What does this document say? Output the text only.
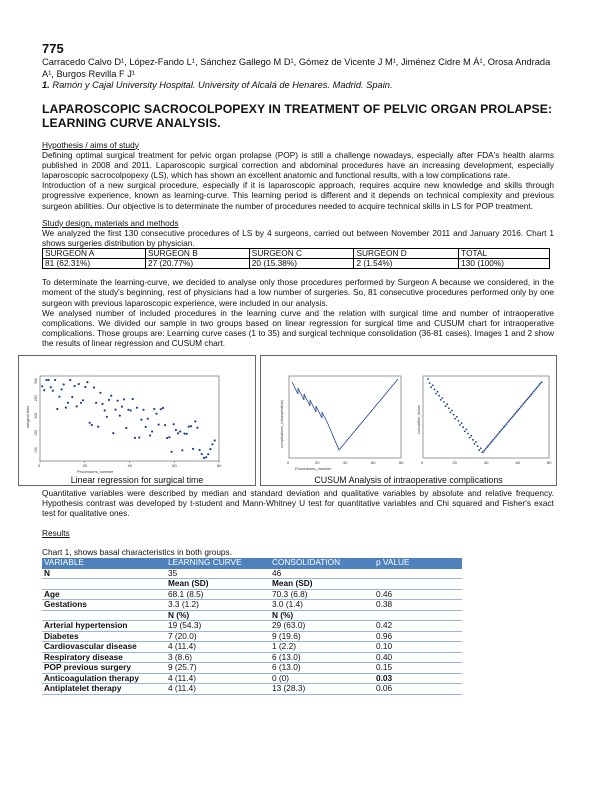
775
Carracedo Calvo D¹, López-Fando L¹, Sánchez Gallego M D¹, Gómez de Vicente J M¹, Jiménez Cidre M Á¹, Orosa Andrada A¹, Burgos Revilla F J¹
1. Ramón y Cajal University Hospital. University of Alcalá de Henares. Madrid. Spain.
LAPAROSCOPIC SACROCOLPOPEXY IN TREATMENT OF PELVIC ORGAN PROLAPSE: LEARNING CURVE ANALYSIS.
Hypothesis / aims of study

Defining optimal surgical treatment for pelvic organ prolapse (POP) is still a challenge nowadays, especially after FDA's health alarms published in 2008 and 2011. Laparoscopic surgical correction and abdominal procedures have an increasing development, especially laparoscopic sacrocolpopexy (LS), which has shown an excellent anatomic and functional results, with a low complications rate.

Introduction of a new surgical procedure, especially if it is laparoscopic approach, requires acquire new knowledge and skills through progressive experience, known as learning-curve. This learning period is different and it depends on technical complexity and previous surgeon abilities. Our objective is to determinate the number of procedures needed to acquire technical skills in LS for POP treatment.

Study design, materials and methods

We analyzed the first 130 consecutive procedures of LS by 4 surgeons, carried out between November 2011 and January 2016. Chart 1 shows surgeries distribution by physician.

SURGEON A	SURGEON B	SURGEON C	SURGEON D	TOTAL
81 (62.31%)	27 (20.77%)	20 (15.38%)	2 (1.54%)	130 (100%)

To determinate the learning-curve, we decided to analyse only those procedures performed by Surgeon A because we considered, in the moment of the study's beginning, rest of physicians had a low number of surgeries. So, 81 consecutive procedures performed only by one surgeon with previous laparoscopic experience, were included in our analysis.

We analysed number of included procedures in the learning curve and the relation with surgical time and number of intraoperative complications. We divided our sample in two groups based on linear regression for surgical time and CUSUM chart for intraoperative complications. Those groups are: Learning curve cases (1 to 35) and surgical technique consolidation (36-81 cases). Images 1 and 2 show the results of linear regression and CUSUM chart.

0	20	40	60	80
300
250
200
150
100
Procedures_number
surgical time
Linear regression for surgical time
0	20	40	60	80	0	20	40	60	80
Procedures_number
complications_(intraoperative)	cumulative_failure
CUSUM Analysis of intraoperative complications

Quantitative variables were described by median and standard deviation and qualitative variables by absolute and relative frequency. Hypothesis contrast was developed by t-student and Mann-Whitney U test for quantitative variables and Chi squared and Fisher's exact test for qualitative ones.

Results
Chart 1, shows basal characteristics in both groups.
VARIABLE	LEARNING CURVE	CONSOLIDATION	p VALUE
N	35	46	
	Mean (SD)	Mean (SD)	
Age	68.1 (8.5)	70.3 (6.8)	0.46
Gestations	3.3 (1.2)	3.0 (1.4)	0.38
	N (%)	N (%)	
Arterial hypertension	19 (54.3)	29 (63.0)	0.42
Diabetes	7 (20.0)	9 (19.6)	0.96
Cardiovascular disease	4 (11.4)	1 (2.2)	0.10
Respiratory disease	3 (8.6)	6 (13.0)	0.40
POP previous surgery	9 (25.7)	6 (13.0)	0.15
Anticoagulation therapy	4 (11.4)	0 (0)	0.03
Antiplatelet therapy	4 (11.4)	13 (28.3)	0.06
